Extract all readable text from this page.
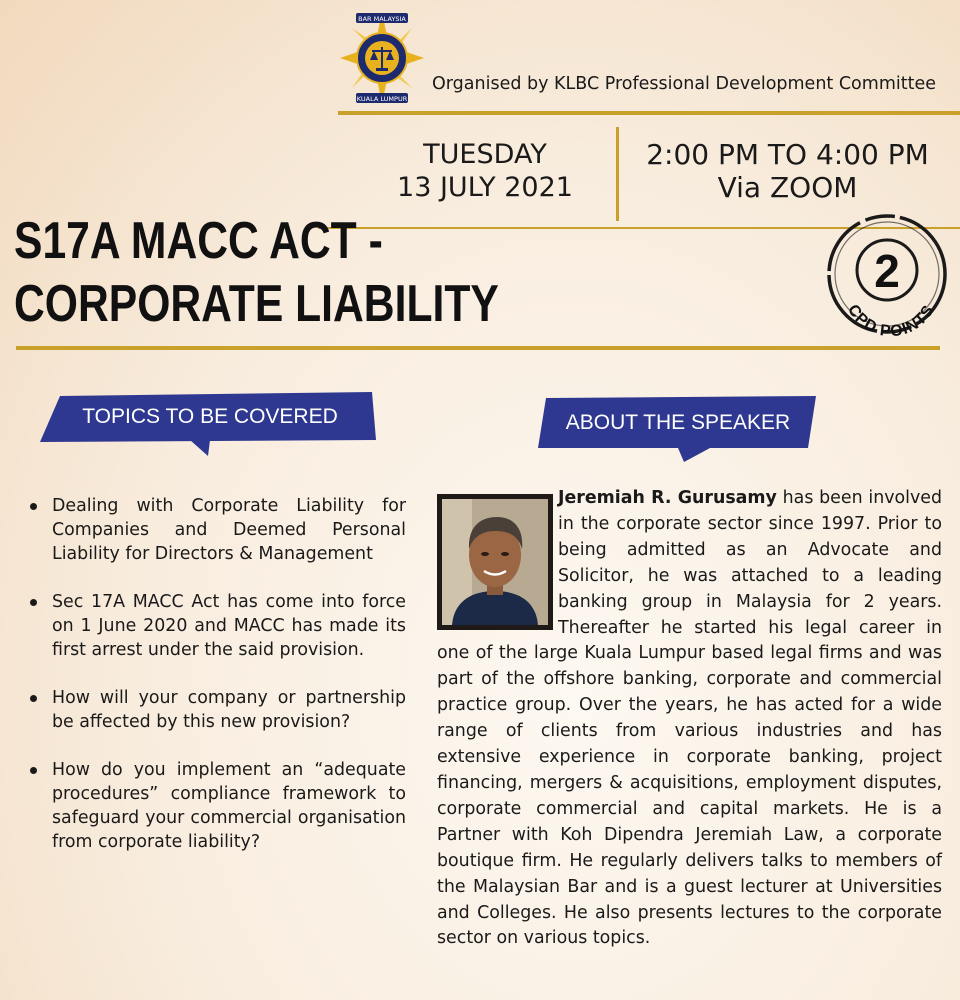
BAR MALAYSIA
KUALA LUMPUR
Organised by KLBC Professional Development Committee
TUESDAY
13 JULY 2021
2:00 PM TO 4:00 PM
Via ZOOM
S17A MACC ACT -
CORPORATE LIABILITY
2
CPD POINTS
TOPICS TO BE COVERED	ABOUT THE SPEAKER
Dealing with Corporate Liability for Companies and Deemed Personal Liability for Directors & Management
Sec 17A MACC Act has come into force on 1 June 2020 and MACC has made its first arrest under the said provision.
How will your company or partnership be affected by this new provision?
How do you implement an “adequate procedures” compliance framework to safeguard your commercial organisation from corporate liability?
Jeremiah R. Gurusamy has been involved in the corporate sector since 1997. Prior to being admitted as an Advocate and Solicitor, he was attached to a leading banking group in Malaysia for 2 years. Thereafter he started his legal career in one of the large Kuala Lumpur based legal firms and was part of the offshore banking, corporate and commercial practice group. Over the years, he has acted for a wide range of clients from various industries and has extensive experience in corporate banking, project financing, mergers & acquisitions, employment disputes, corporate commercial and capital markets. He is a Partner with Koh Dipendra Jeremiah Law, a corporate boutique firm. He regularly delivers talks to members of the Malaysian Bar and is a guest lecturer at Universities and Colleges. He also presents lectures to the corporate sector on various topics.
